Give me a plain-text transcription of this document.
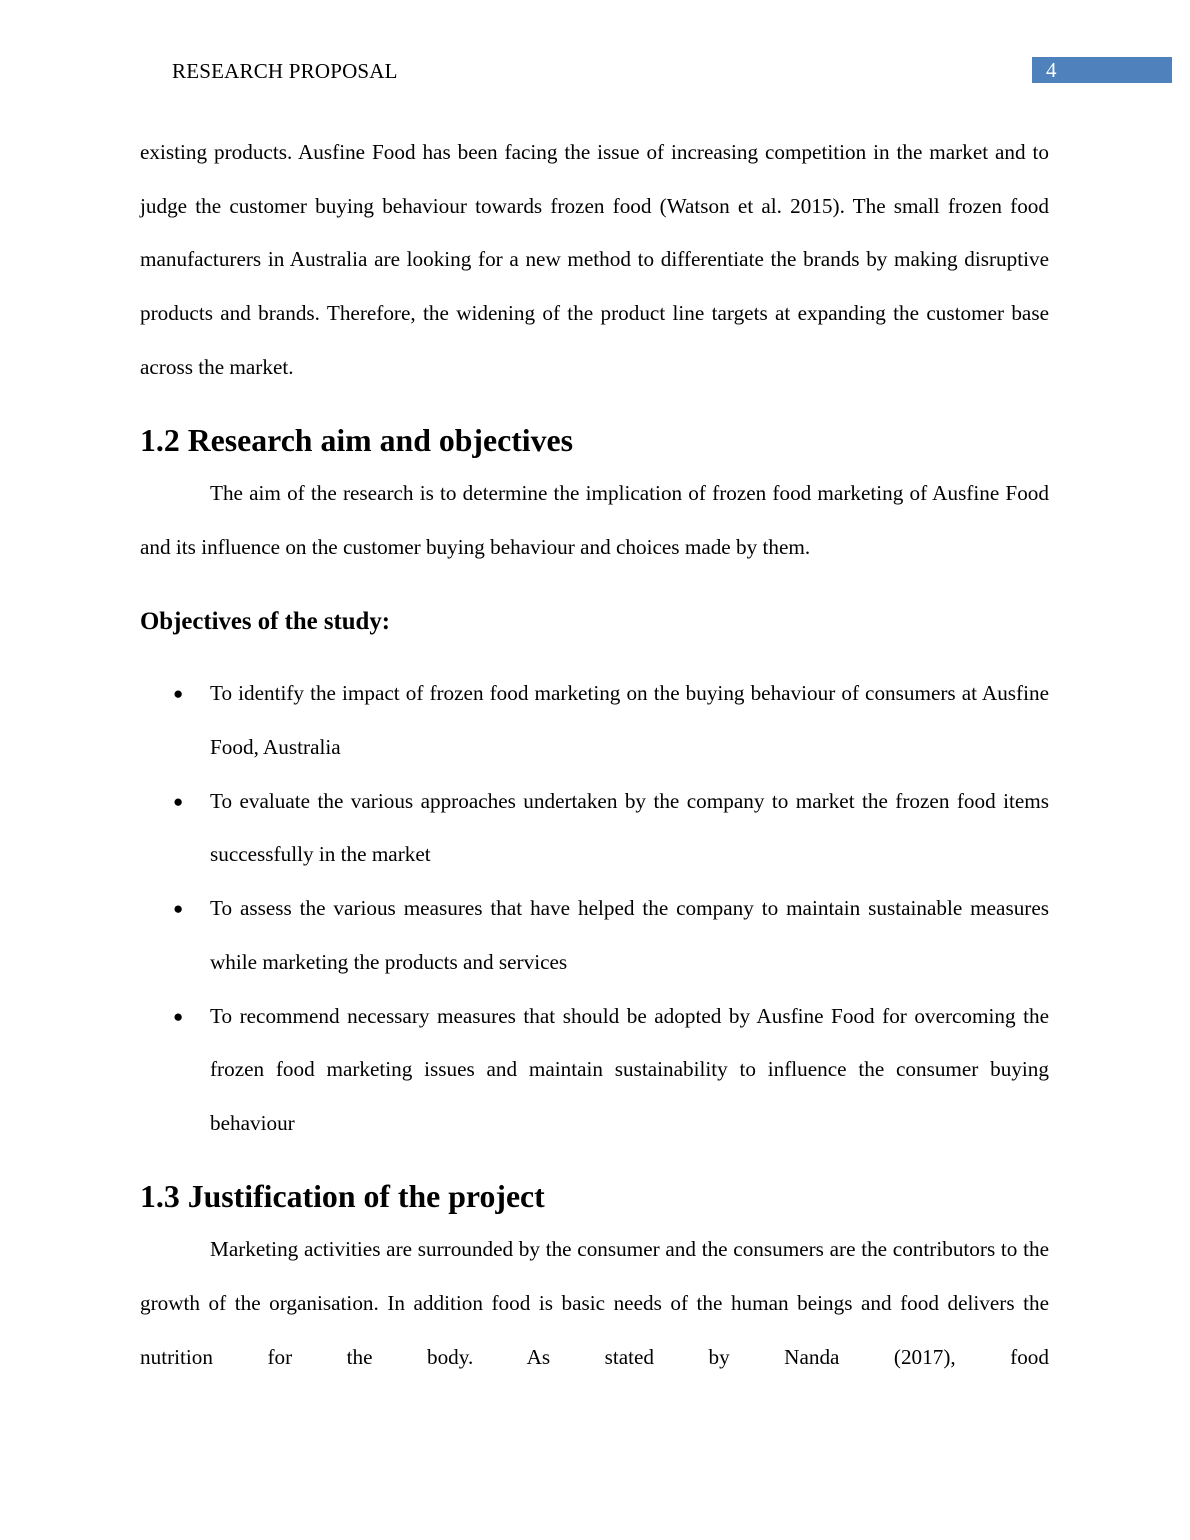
RESEARCH PROPOSAL	4

existing products. Ausfine Food has been facing the issue of increasing competition in the market and to judge the customer buying behaviour towards frozen food (Watson et al. 2015). The small frozen food manufacturers in Australia are looking for a new method to differentiate the brands by making disruptive products and brands. Therefore, the widening of the product line targets at expanding the customer base across the market.

1.2 Research aim and objectives

The aim of the research is to determine the implication of frozen food marketing of Ausfine Food and its influence on the customer buying behaviour and choices made by them.

Objectives of the study:
● To identify the impact of frozen food marketing on the buying behaviour of consumers at Ausfine Food, Australia
● To evaluate the various approaches undertaken by the company to market the frozen food items successfully in the market
● To assess the various measures that have helped the company to maintain sustainable measures while marketing the products and services
● To recommend necessary measures that should be adopted by Ausfine Food for overcoming the frozen food marketing issues and maintain sustainability to influence the consumer buying behaviour
1.3 Justification of the project

Marketing activities are surrounded by the consumer and the consumers are the contributors to the growth of the organisation. In addition food is basic needs of the human beings and food delivers the nutrition for the body. As stated by Nanda (2017), food
